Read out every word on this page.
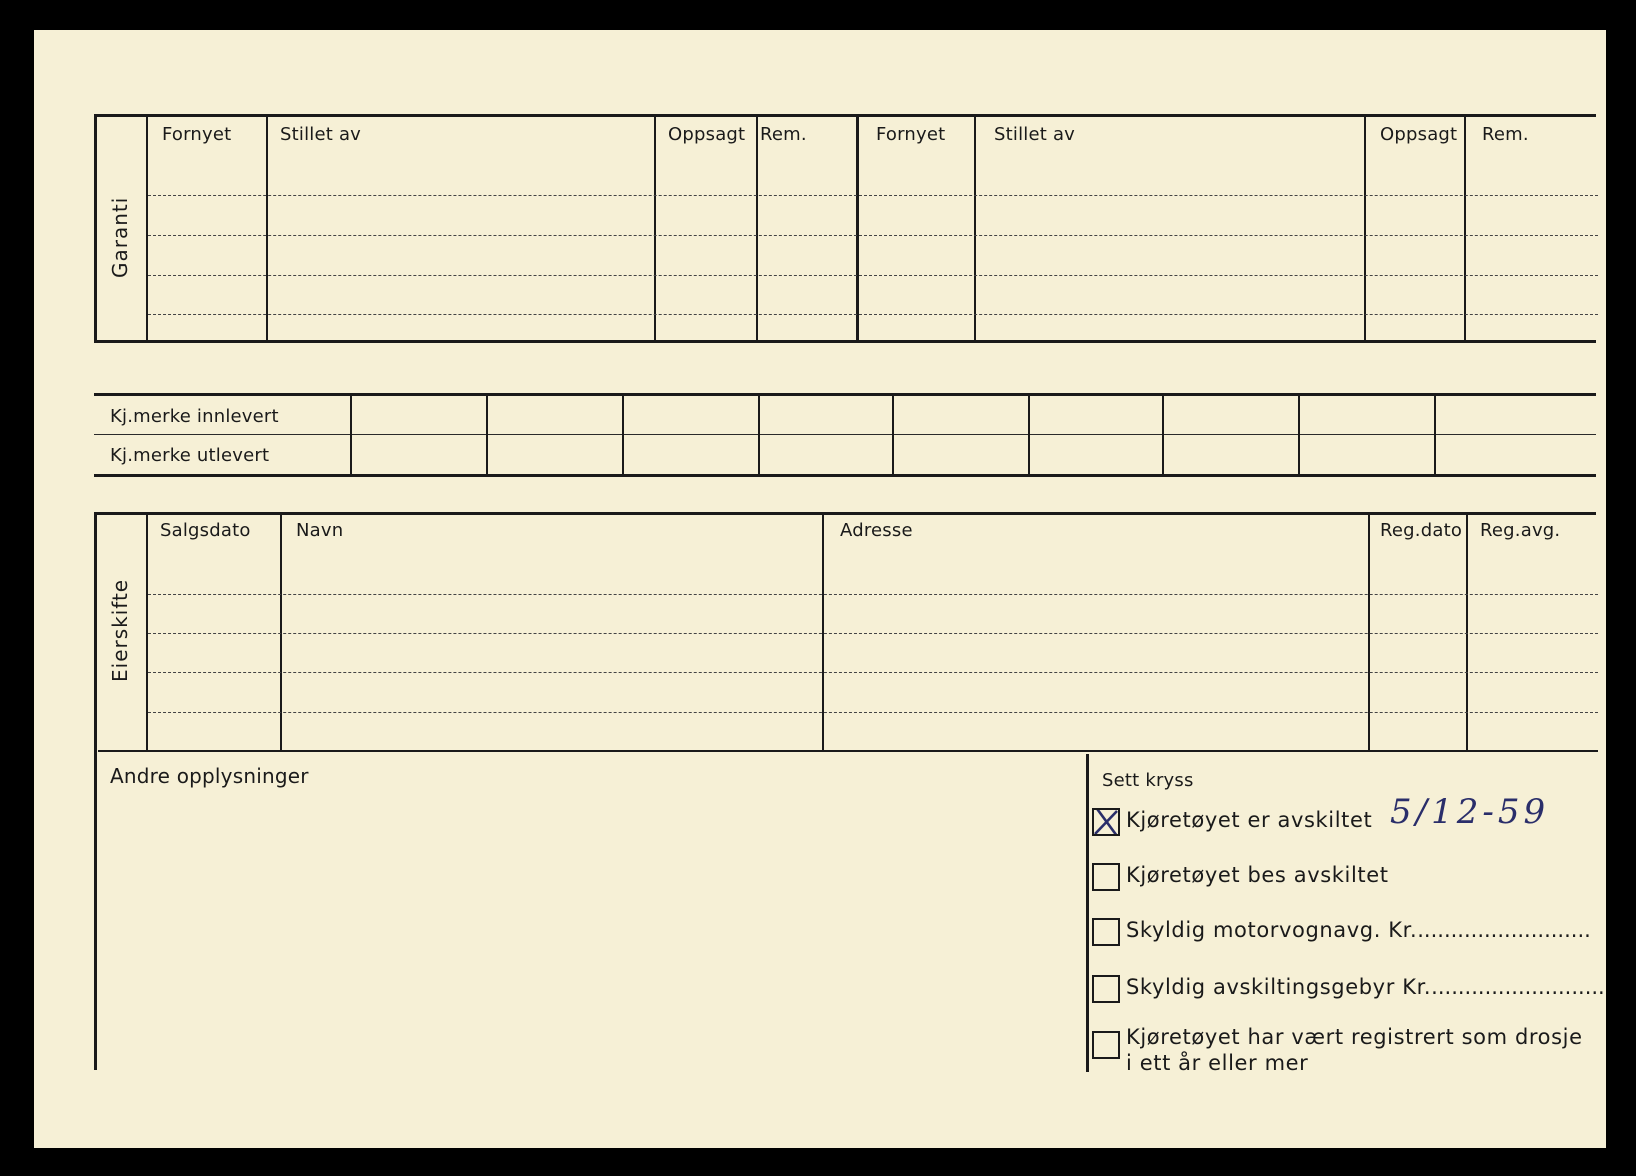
Garanti
Fornyet	Stillet av	Oppsagt Rem.	Fornyet	Stillet av	Oppsagt Rem.
Kj.merke innlevert
Kj.merke utlevert
Eierskifte
Salgsdato	Navn	Adresse	Reg.dato Reg.avg.
Andre opplysninger	Sett kryss
Kjøretøyet er avskiltet 5/12-59
Kjøretøyet bes avskiltet
Skyldig motorvognavg. Kr...........................
Skyldig avskiltingsgebyr Kr...........................
Kjøretøyet har vært registrert som drosje
i ett år eller mer
